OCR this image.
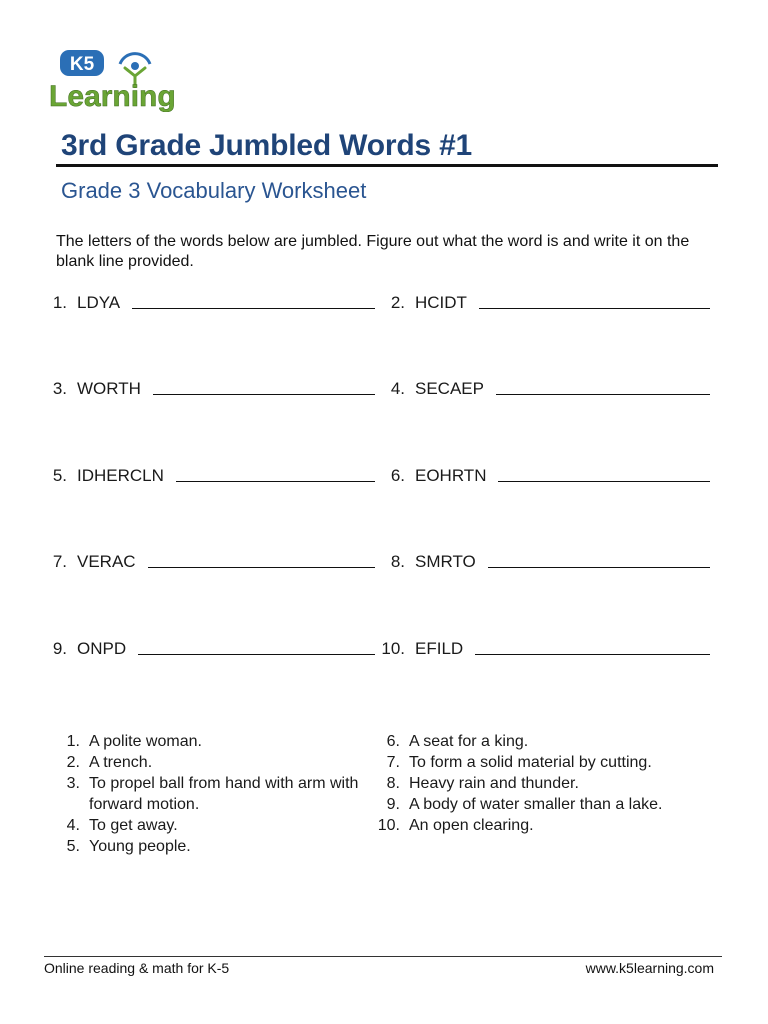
K5
Learning
3rd Grade Jumbled Words #1
Grade 3 Vocabulary Worksheet
The letters of the words below are jumbled. Figure out what the word is and write it on the blank line provided.
1. LDYA	2. HCIDT
3. WORTH	4. SECAEP
5. IDHERCLN	6. EOHRTN
7. VERAC	8. SMRTO
9. ONPD	10. EFILD
1. A polite woman.
2. A trench.
3. To propel ball from hand with arm with forward motion.
4. To get away.
5. Young people.
6. A seat for a king.
7. To form a solid material by cutting.
8. Heavy rain and thunder.
9. A body of water smaller than a lake.
10. An open clearing.
Online reading & math for K-5	www.k5learning.com
